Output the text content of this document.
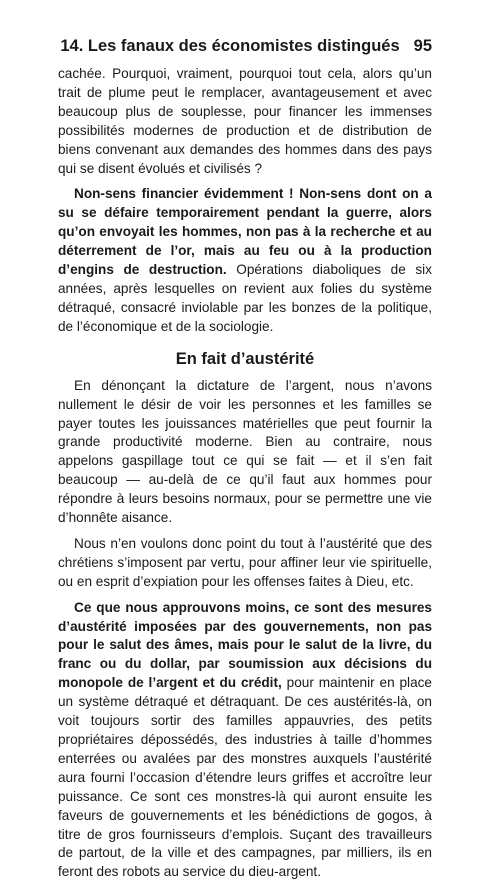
14. Les fanaux des économistes distingués 95

cachée. Pourquoi, vraiment, pourquoi tout cela, alors qu’un trait de plume peut le remplacer, avantageusement et avec beaucoup plus de souplesse, pour financer les immenses possibilités modernes de production et de distribution de biens convenant aux demandes des hommes dans des pays qui se disent évolués et civilisés ?

Non-sens financier évidemment ! Non-sens dont on a su se défaire temporairement pendant la guerre, alors qu’on envoyait les hommes, non pas à la recherche et au déterrement de l’or, mais au feu ou à la production d’engins de destruction. Opérations diaboliques de six années, après lesquelles on revient aux folies du système détraqué, consacré inviolable par les bonzes de la politique, de l’économique et de la sociologie.

En fait d’austérité

En dénonçant la dictature de l’argent, nous n’avons nullement le désir de voir les personnes et les familles se payer toutes les jouissances matérielles que peut fournir la grande productivité moderne. Bien au contraire, nous appelons gaspillage tout ce qui se fait — et il s’en fait beaucoup — au-delà de ce qu’il faut aux hommes pour répondre à leurs besoins normaux, pour se permettre une vie d’honnête aisance.

Nous n’en voulons donc point du tout à l’austérité que des chrétiens s’imposent par vertu, pour affiner leur vie spirituelle, ou en esprit d’expiation pour les offenses faites à Dieu, etc.

Ce que nous approuvons moins, ce sont des mesures d’austérité imposées par des gouvernements, non pas pour le salut des âmes, mais pour le salut de la livre, du franc ou du dollar, par soumission aux décisions du monopole de l’argent et du crédit, pour maintenir en place un système détraqué et détraquant. De ces austérités-là, on voit toujours sortir des familles appauvries, des petits propriétaires dépossédés, des industries à taille d’hommes enterrées ou avalées par des monstres auxquels l’austérité aura fourni l’occasion d’étendre leurs griffes et accroître leur puissance. Ce sont ces monstres-là qui auront ensuite les faveurs de gouvernements et les bénédictions de gogos, à titre de gros fournisseurs d’emplois. Suçant des travailleurs de partout, de la ville et des campagnes, par milliers, ils en feront des robots au service du dieu-argent.
